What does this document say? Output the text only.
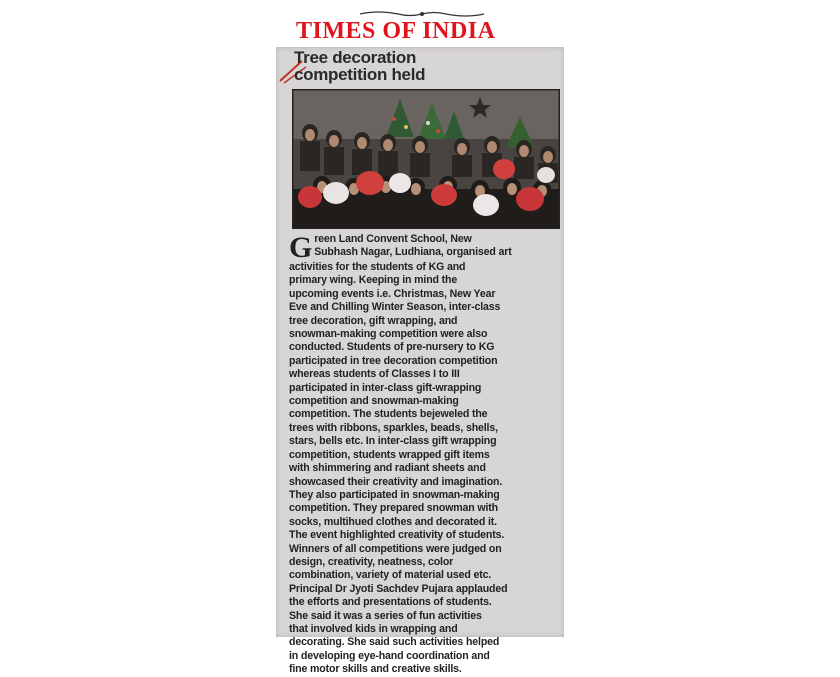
TIMES OF INDIA
Tree decoration
competition held
G reen Land Convent School, New
Subhash Nagar, Ludhiana, organised art
activities for the students of KG and
primary wing. Keeping in mind the
upcoming events i.e. Christmas, New Year
Eve and Chilling Winter Season, inter-class
tree decoration, gift wrapping, and
snowman-making competition were also
conducted. Students of pre-nursery to KG
participated in tree decoration competition
whereas students of Classes I to III
participated in inter-class gift-wrapping
competition and snowman-making
competition. The students bejeweled the
trees with ribbons, sparkles, beads, shells,
stars, bells etc. In inter-class gift wrapping
competition, students wrapped gift items
with shimmering and radiant sheets and
showcased their creativity and imagination.
They also participated in snowman-making
competition. They prepared snowman with
socks, multihued clothes and decorated it.
The event highlighted creativity of students.
Winners of all competitions were judged on
design, creativity, neatness, color
combination, variety of material used etc.
Principal Dr Jyoti Sachdev Pujara applauded
the efforts and presentations of students.
She said it was a series of fun activities
that involved kids in wrapping and
decorating. She said such activities helped
in developing eye-hand coordination and
fine motor skills and creative skills.
